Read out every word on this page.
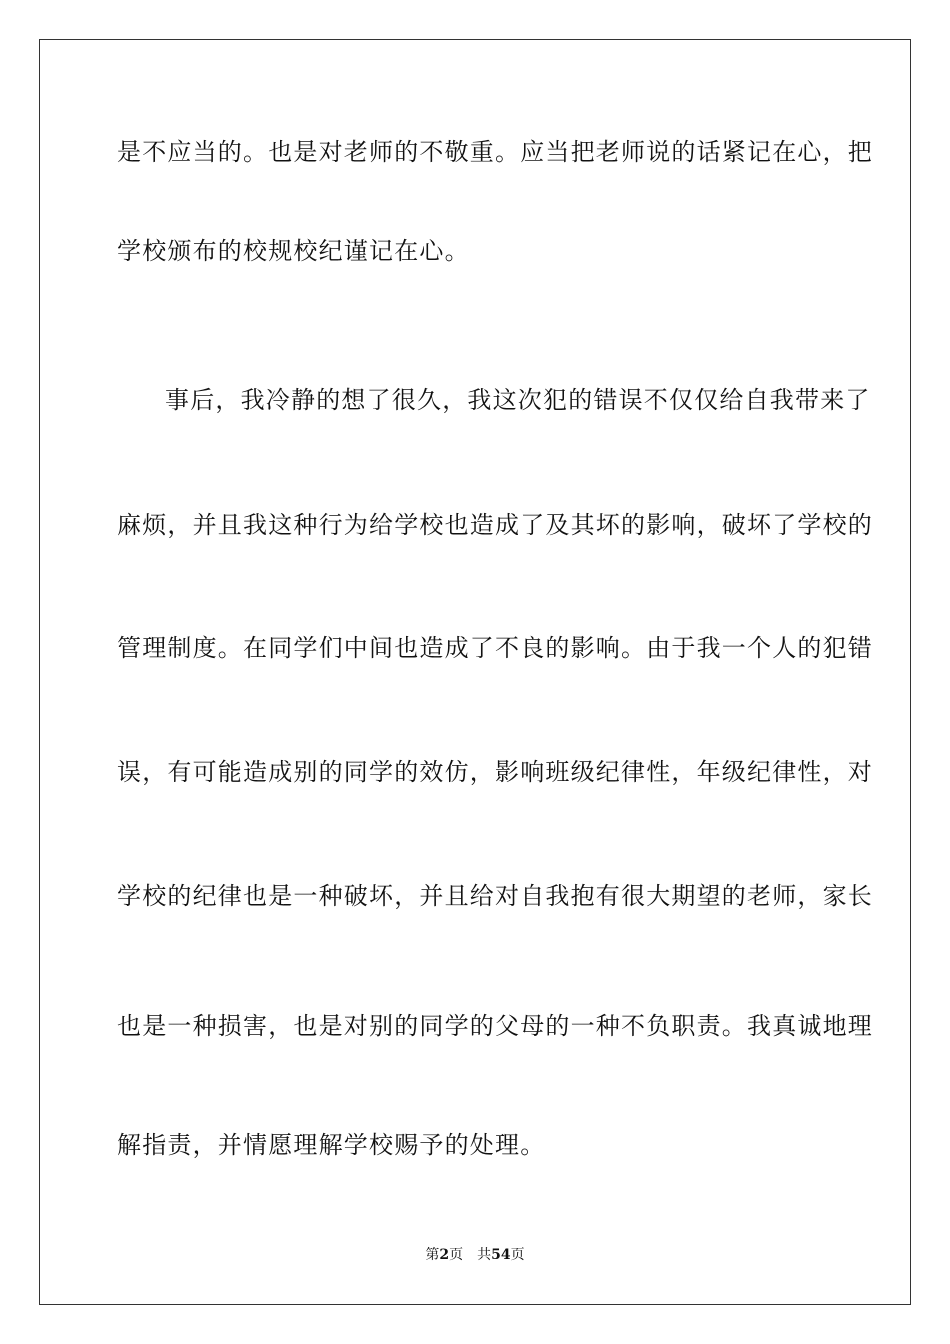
是不应当的。也是对老师的不敬重。应当把老师说的话紧记在心，把
学校颁布的校规校纪谨记在心。
事后，我冷静的想了很久，我这次犯的错误不仅仅给自我带来了
麻烦，并且我这种行为给学校也造成了及其坏的影响，破坏了学校的
管理制度。在同学们中间也造成了不良的影响。由于我一个人的犯错
误，有可能造成别的同学的效仿，影响班级纪律性，年级纪律性，对
学校的纪律也是一种破坏，并且给对自我抱有很大期望的老师，家长
也是一种损害，也是对别的同学的父母的一种不负职责。我真诚地理
解指责，并情愿理解学校赐予的处理。
第2页 共54页
